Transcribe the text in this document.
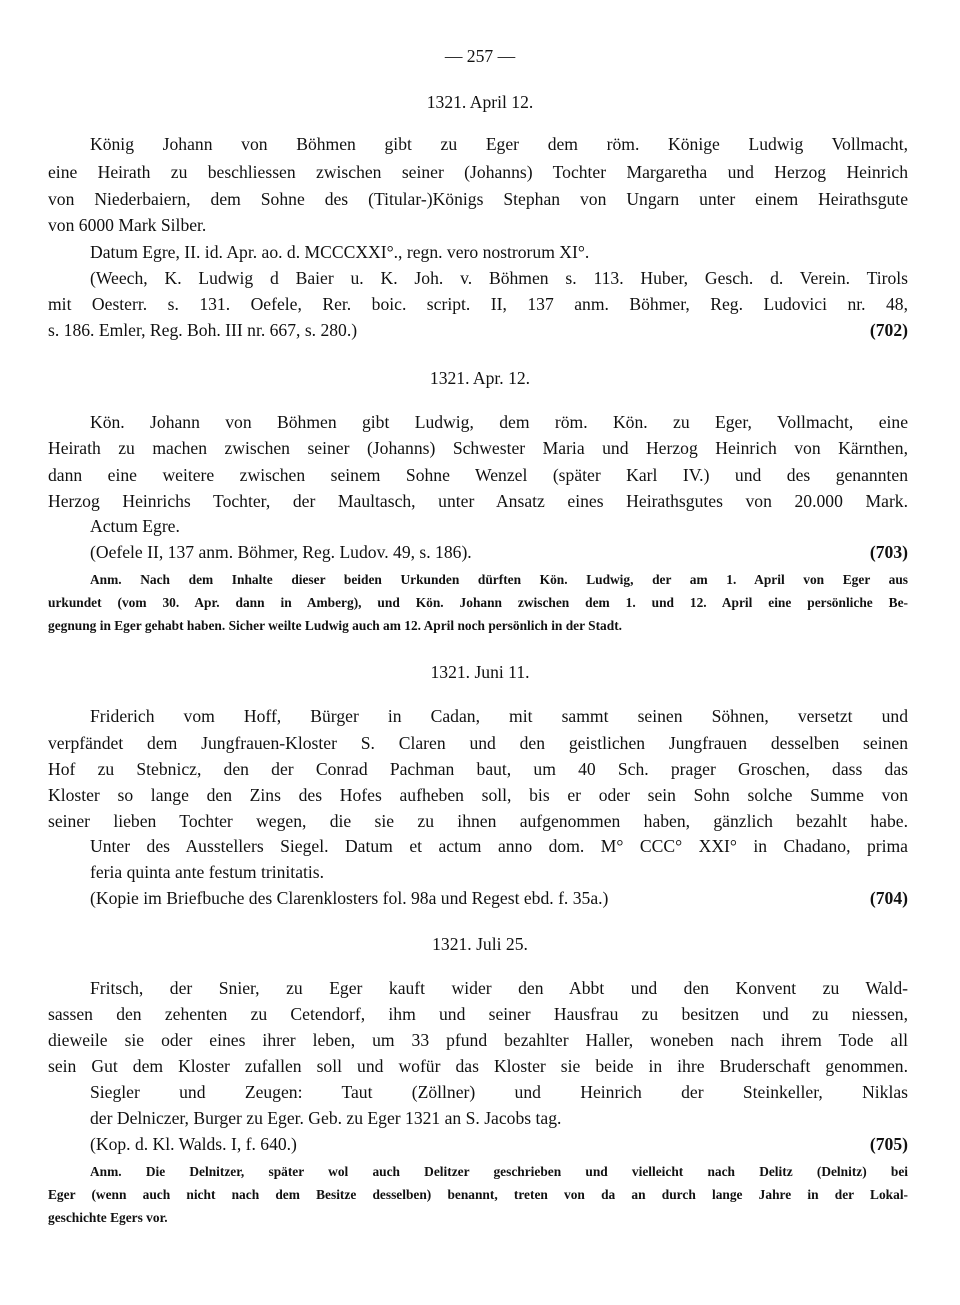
— 257 —
1321. April 12.
König Johann von Böhmen gibt zu Eger dem röm. Könige Ludwig Vollmacht,
eine Heirath zu beschliessen zwischen seiner (Johanns) Tochter Margaretha und Herzog Heinrich
von Niederbaiern, dem Sohne des (Titular-)Königs Stephan von Ungarn unter einem Heirathsgute
von 6000 Mark Silber.
Datum Egre, II. id. Apr. ao. d. MCCCXXI°., regn. vero nostrorum XI°.
(Weech, K. Ludwig d Baier u. K. Joh. v. Böhmen s. 113. Huber, Gesch. d. Verein. Tirols
mit Oesterr. s. 131. Oefele, Rer. boic. script. II, 137 anm. Böhmer, Reg. Ludovici nr. 48,
s. 186. Emler, Reg. Boh. III nr. 667, s. 280.)	(702)
1321. Apr. 12.
Kön. Johann von Böhmen gibt Ludwig, dem röm. Kön. zu Eger, Vollmacht, eine
Heirath zu machen zwischen seiner (Johanns) Schwester Maria und Herzog Heinrich von Kärnthen,
dann eine weitere zwischen seinem Sohne Wenzel (später Karl IV.) und des genannten
Herzog Heinrichs Tochter, der Maultasch, unter Ansatz eines Heirathsgutes von 20.000 Mark.
Actum Egre.
(Oefele II, 137 anm. Böhmer, Reg. Ludov. 49, s. 186).	(703)
Anm. Nach dem Inhalte dieser beiden Urkunden dürften Kön. Ludwig, der am 1. April von Eger aus
urkundet (vom 30. Apr. dann in Amberg), und Kön. Johann zwischen dem 1. und 12. April eine persönliche Be-
gegnung in Eger gehabt haben. Sicher weilte Ludwig auch am 12. April noch persönlich in der Stadt.
1321. Juni 11.
Friderich vom Hoff, Bürger in Cadan, mit sammt seinen Söhnen, versetzt und
verpfändet dem Jungfrauen-Kloster S. Claren und den geistlichen Jungfrauen desselben seinen
Hof zu Stebnicz, den der Conrad Pachman baut, um 40 Sch. prager Groschen, dass das
Kloster so lange den Zins des Hofes aufheben soll, bis er oder sein Sohn solche Summe von
seiner lieben Tochter wegen, die sie zu ihnen aufgenommen haben, gänzlich bezahlt habe.
Unter des Ausstellers Siegel. Datum et actum anno dom. M° CCC° XXI° in Chadano, prima
feria quinta ante festum trinitatis.
(Kopie im Briefbuche des Clarenklosters fol. 98a und Regest ebd. f. 35a.)	(704)
1321. Juli 25.
Fritsch, der Snier, zu Eger kauft wider den Abbt und den Konvent zu Wald-
sassen den zehenten zu Cetendorf, ihm und seiner Hausfrau zu besitzen und zu niessen,
dieweile sie oder eines ihrer leben, um 33 pfund bezahlter Haller, woneben nach ihrem Tode all
sein Gut dem Kloster zufallen soll und wofür das Kloster sie beide in ihre Bruderschaft genommen.
Siegler und Zeugen: Taut (Zöllner) und Heinrich der Steinkeller, Niklas
der Delniczer, Burger zu Eger. Geb. zu Eger 1321 an S. Jacobs tag.
(Kop. d. Kl. Walds. I, f. 640.)	(705)
Anm. Die Delnitzer, später wol auch Delitzer geschrieben und vielleicht nach Delitz (Delnitz) bei
Eger (wenn auch nicht nach dem Besitze desselben) benannt, treten von da an durch lange Jahre in der Lokal-
geschichte Egers vor.
